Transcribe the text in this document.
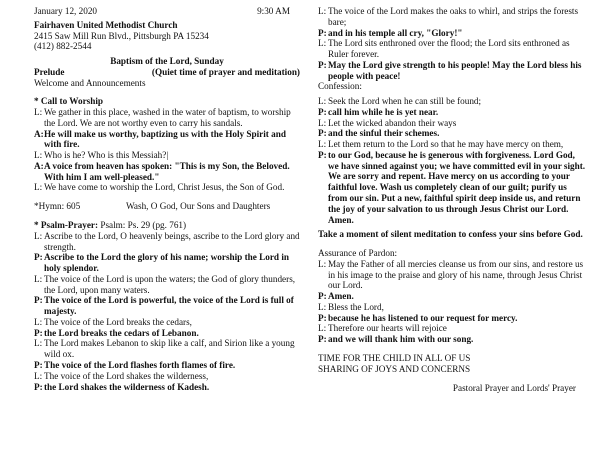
January 12, 2020	9:30 AM

Fairhaven United Methodist Church

2415 Saw Mill Run Blvd., Pittsburgh PA 15234

(412) 882-2544

Baptism of the Lord, Sunday

Prelude	(Quiet time of prayer and meditation)

Welcome and Announcements

* Call to Worship

L: We gather in this place, washed in the water of baptism, to worship the Lord. We are not worthy even to carry his sandals.
A: He will make us worthy, baptizing us with the Holy Spirit and with fire.
L: Who is he? Who is this Messiah?|
A: A voice from heaven has spoken: "This is my Son, the Beloved. With him I am well-pleased."
L: We have come to worship the Lord, Christ Jesus, the Son of God.
*Hymn: 605	Wash, O God, Our Sons and Daughters

* Psalm-Prayer: Psalm: Ps. 29 (pg. 761)

L: Ascribe to the Lord, O heavenly beings, ascribe to the Lord glory and strength.
P: Ascribe to the Lord the glory of his name; worship the Lord in holy splendor.
L: The voice of the Lord is upon the waters; the God of glory thunders, the Lord, upon many waters.
P: The voice of the Lord is powerful, the voice of the Lord is full of majesty.
L: The voice of the Lord breaks the cedars,
P: the Lord breaks the cedars of Lebanon.
L: The Lord makes Lebanon to skip like a calf, and Sirion like a young wild ox.
P: The voice of the Lord flashes forth flames of fire.
L: The voice of the Lord shakes the wilderness,
P: the Lord shakes the wilderness of Kadesh.
L: The voice of the Lord makes the oaks to whirl, and strips the forests bare;
P: and in his temple all cry, "Glory!"
L: The Lord sits enthroned over the flood; the Lord sits enthroned as Ruler forever.
P: May the Lord give strength to his people! May the Lord bless his people with peace!

Confession:

L: Seek the Lord when he can still be found;
P: call him while he is yet near.
L: Let the wicked abandon their ways
P: and the sinful their schemes.
L: Let them return to the Lord so that he may have mercy on them,
P: to our God, because he is generous with forgiveness. Lord God, we have sinned against you; we have committed evil in your sight. We are sorry and repent. Have mercy on us according to your faithful love. Wash us completely clean of our guilt; purify us from our sin. Put a new, faithful spirit deep inside us, and return the joy of your salvation to us through Jesus Christ our Lord. Amen.

Take a moment of silent meditation to confess your sins before God.

Assurance of Pardon:

L: May the Father of all mercies cleanse us from our sins, and restore us in his image to the praise and glory of his name, through Jesus Christ our Lord.
P: Amen.
L: Bless the Lord,
P: because he has listened to our request for mercy.
L: Therefore our hearts will rejoice
P: and we will thank him with our song.

TIME FOR THE CHILD IN ALL OF US

SHARING OF JOYS AND CONCERNS

Pastoral Prayer and Lords' Prayer
